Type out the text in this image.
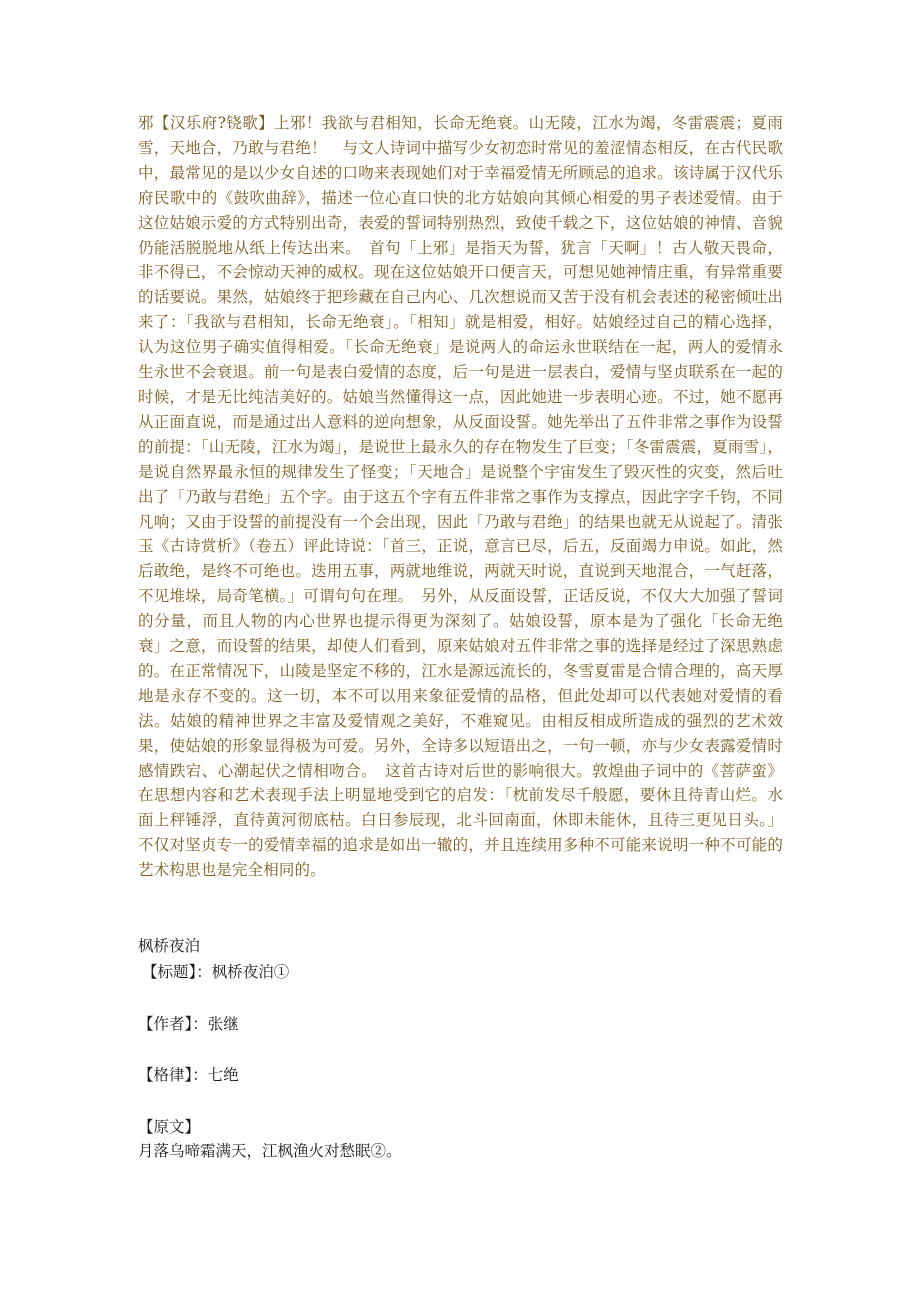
邪【汉乐府?铙歌】上邪！我欲与君相知，长命无绝衰。山无陵，江水为竭，冬雷震震；夏雨雪，天地合，乃敢与君绝！　与文人诗词中描写少女初恋时常见的羞涩情态相反，在古代民歌中，最常见的是以少女自述的口吻来表现她们对于幸福爱情无所顾忌的追求。该诗属于汉代乐府民歌中的《鼓吹曲辞》，描述一位心直口快的北方姑娘向其倾心相爱的男子表述爱情。由于这位姑娘示爱的方式特别出奇，表爱的誓词特别热烈，致使千载之下，这位姑娘的神情、音貌仍能活脱脱地从纸上传达出来。　首句「上邪」是指天为誓，犹言「天啊」！古人敬天畏命，非不得已，不会惊动天神的威权。现在这位姑娘开口便言天，可想见她神情庄重，有异常重要的话要说。果然，姑娘终于把珍藏在自己内心、几次想说而又苦于没有机会表述的秘密倾吐出来了：「我欲与君相知，长命无绝衰」。「相知」就是相爱，相好。姑娘经过自己的精心选择，认为这位男子确实值得相爱。「长命无绝衰」是说两人的命运永世联结在一起，两人的爱情永生永世不会衰退。前一句是表白爱情的态度，后一句是进一层表白，爱情与坚贞联系在一起的时候，才是无比纯洁美好的。姑娘当然懂得这一点，因此她进一步表明心迹。不过，她不愿再从正面直说，而是通过出人意料的逆向想象，从反面设誓。她先举出了五件非常之事作为设誓的前提：「山无陵，江水为竭」，是说世上最永久的存在物发生了巨变；「冬雷震震，夏雨雪」，是说自然界最永恒的规律发生了怪变；「天地合」是说整个宇宙发生了毁灭性的灾变，然后吐出了「乃敢与君绝」五个字。由于这五个字有五件非常之事作为支撑点，因此字字千钧，不同凡响；又由于设誓的前提没有一个会出现，因此「乃敢与君绝」的结果也就无从说起了。清张玉《古诗赏析》（卷五）评此诗说：「首三，正说，意言已尽，后五，反面竭力申说。如此，然后敢绝，是终不可绝也。迭用五事，两就地维说，两就天时说，直说到天地混合，一气赶落，不见堆垛，局奇笔横。」可谓句句在理。　另外，从反面设誓，正话反说，不仅大大加强了誓词的分量，而且人物的内心世界也提示得更为深刻了。姑娘设誓，原本是为了强化「长命无绝衰」之意，而设誓的结果，却使人们看到，原来姑娘对五件非常之事的选择是经过了深思熟虑的。在正常情况下，山陵是坚定不移的，江水是源远流长的，冬雪夏雷是合情合理的，高天厚地是永存不变的。这一切，本不可以用来象征爱情的品格，但此处却可以代表她对爱情的看法。姑娘的精神世界之丰富及爱情观之美好，不难窥见。由相反相成所造成的强烈的艺术效果，使姑娘的形象显得极为可爱。另外，全诗多以短语出之，一句一顿，亦与少女表露爱情时感情跌宕、心潮起伏之情相吻合。　这首古诗对后世的影响很大。敦煌曲子词中的《菩萨蛮》在思想内容和艺术表现手法上明显地受到它的启发：「枕前发尽千般愿，要休且待青山烂。水面上秤锤浮，直待黄河彻底枯。白日参辰现，北斗回南面，休即未能休，且待三更见日头。」不仅对坚贞专一的爱情幸福的追求是如出一辙的，并且连续用多种不可能来说明一种不可能的艺术构思也是完全相同的。

枫桥夜泊

【标题】：枫桥夜泊①

【作者】：张继

【格律】：七绝

【原文】

月落乌啼霜满天，江枫渔火对愁眠②。
